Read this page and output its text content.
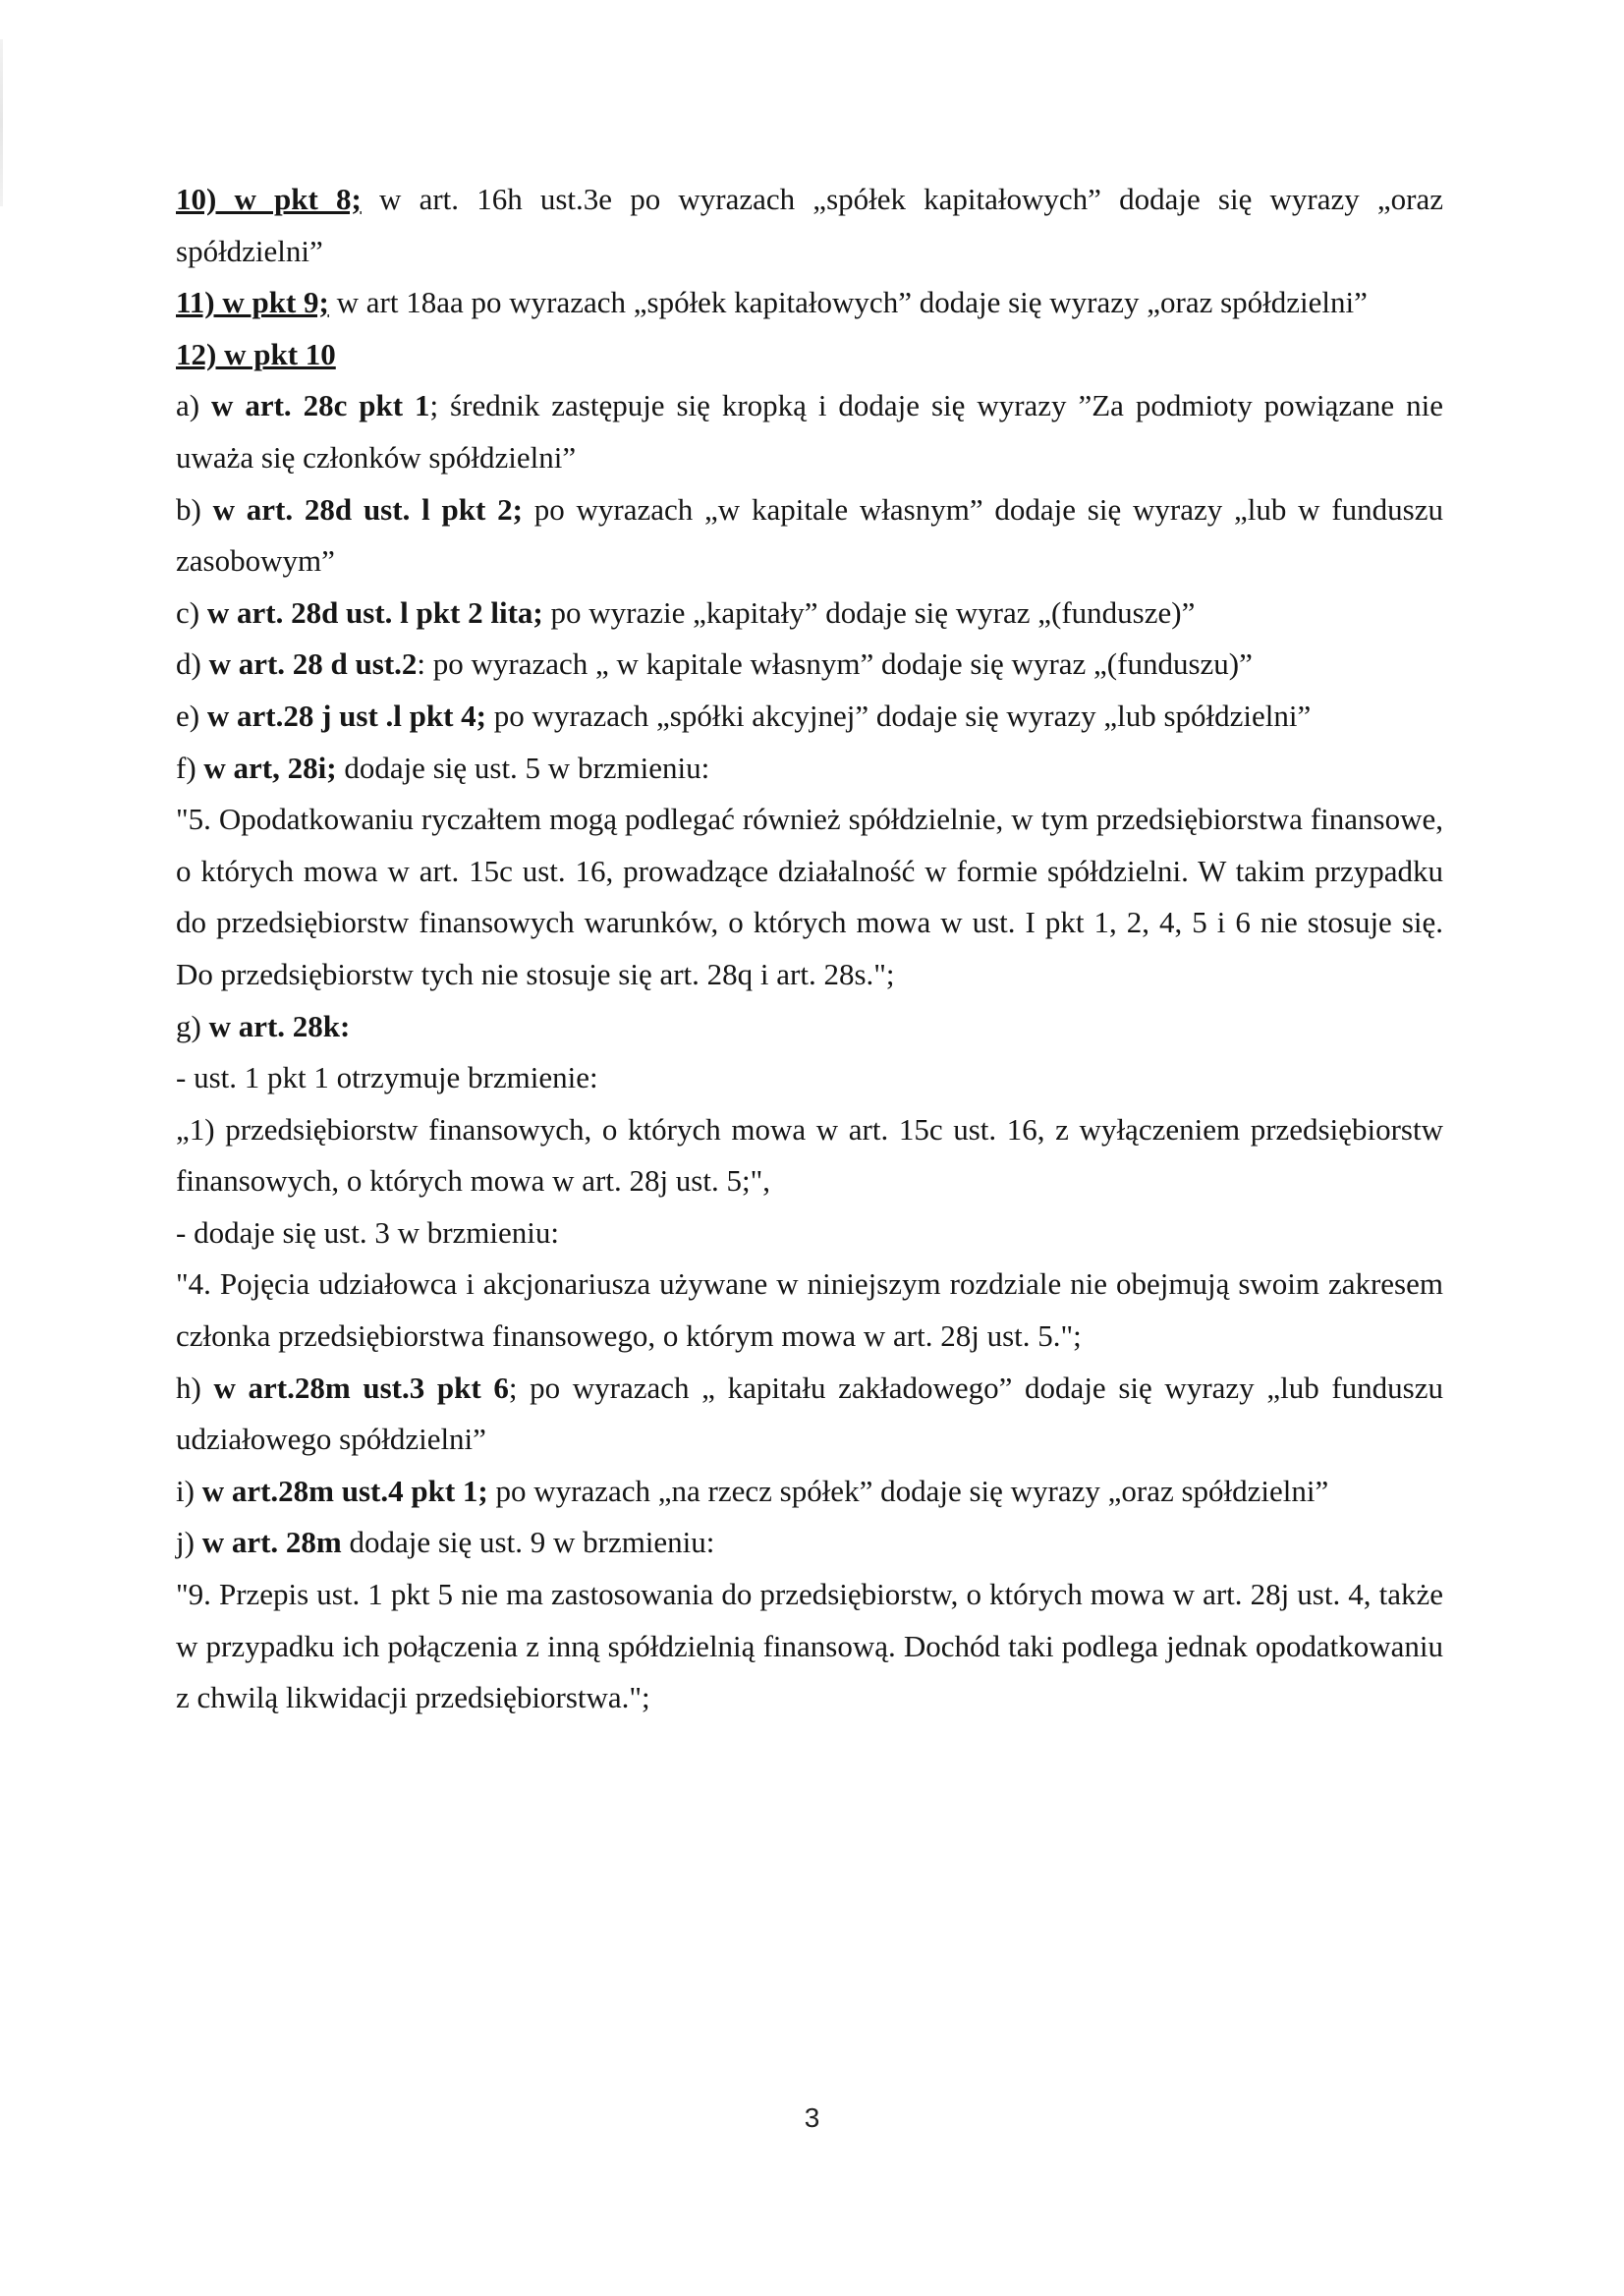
10) w pkt 8; w art. 16h ust.3e po wyrazach „spółek kapitałowych” dodaje się wyrazy „oraz spółdzielni”

11) w pkt 9; w art 18aa po wyrazach „spółek kapitałowych” dodaje się wyrazy „oraz spółdzielni”

12) w pkt 10

a) w art. 28c pkt 1; średnik zastępuje się kropką i dodaje się wyrazy ”Za podmioty powiązane nie uważa się członków spółdzielni”

b) w art. 28d ust. l pkt 2; po wyrazach „w kapitale własnym” dodaje się wyrazy „lub w funduszu zasobowym”

c) w art. 28d ust. l pkt 2 lita; po wyrazie „kapitały” dodaje się wyraz „(fundusze)”

d) w art. 28 d ust.2: po wyrazach „ w kapitale własnym” dodaje się wyraz „(funduszu)”

e) w art.28 j ust .l pkt 4; po wyrazach „spółki akcyjnej” dodaje się wyrazy „lub spółdzielni”

f) w art, 28i; dodaje się ust. 5 w brzmieniu:

"5. Opodatkowaniu ryczałtem mogą podlegać również spółdzielnie, w tym przedsiębiorstwa finansowe, o których mowa w art. 15c ust. 16, prowadzące działalność w formie spółdzielni. W takim przypadku do przedsiębiorstw finansowych warunków, o których mowa w ust. I pkt 1, 2, 4, 5 i 6 nie stosuje się. Do przedsiębiorstw tych nie stosuje się art. 28q i art. 28s.";

g) w art. 28k:

- ust. 1 pkt 1 otrzymuje brzmienie:

„1) przedsiębiorstw finansowych, o których mowa w art. 15c ust. 16, z wyłączeniem przedsiębiorstw finansowych, o których mowa w art. 28j ust. 5;",

- dodaje się ust. 3 w brzmieniu:

"4. Pojęcia udziałowca i akcjonariusza używane w niniejszym rozdziale nie obejmują swoim zakresem członka przedsiębiorstwa finansowego, o którym mowa w art. 28j ust. 5.";

h) w art.28m ust.3 pkt 6; po wyrazach „ kapitału zakładowego” dodaje się wyrazy „lub funduszu udziałowego spółdzielni”

i) w art.28m ust.4 pkt 1; po wyrazach „na rzecz spółek” dodaje się wyrazy „oraz spółdzielni”

j) w art. 28m dodaje się ust. 9 w brzmieniu:

"9. Przepis ust. 1 pkt 5 nie ma zastosowania do przedsiębiorstw, o których mowa w art. 28j ust. 4, także w przypadku ich połączenia z inną spółdzielnią finansową. Dochód taki podlega jednak opodatkowaniu z chwilą likwidacji przedsiębiorstwa.";

3
